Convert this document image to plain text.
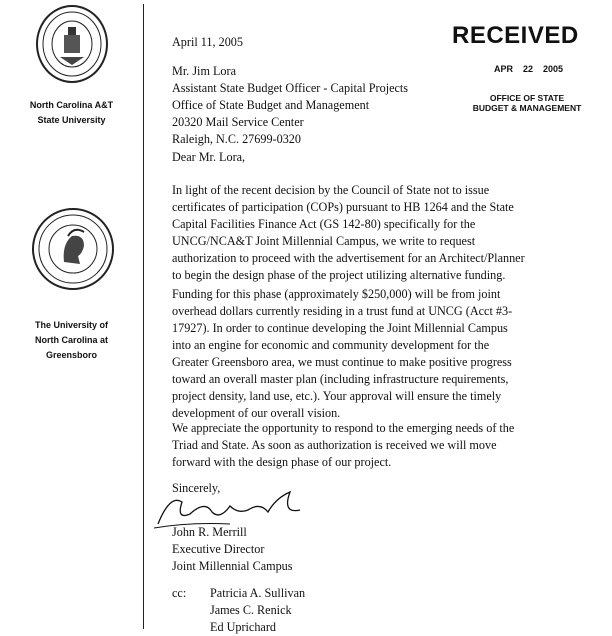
North Carolina A&T
State University
The University of
North Carolina at
Greensboro
RECEIVED
APR 22 2005
OFFICE OF STATE
BUDGET & MANAGEMENT
April 11, 2005
Mr. Jim Lora
Assistant State Budget Officer - Capital Projects
Office of State Budget and Management
20320 Mail Service Center
Raleigh, N.C. 27699-0320
Dear Mr. Lora,
In light of the recent decision by the Council of State not to issue
certificates of participation (COPs) pursuant to HB 1264 and the State
Capital Facilities Finance Act (GS 142-80) specifically for the
UNCG/NCA&T Joint Millennial Campus, we write to request
authorization to proceed with the advertisement for an Architect/Planner
to begin the design phase of the project utilizing alternative funding.
Funding for this phase (approximately $250,000) will be from joint
overhead dollars currently residing in a trust fund at UNCG (Acct #3-
17927). In order to continue developing the Joint Millennial Campus
into an engine for economic and community development for the
Greater Greensboro area, we must continue to make positive progress
toward an overall master plan (including infrastructure requirements,
project density, land use, etc.). Your approval will ensure the timely
development of our overall vision.
We appreciate the opportunity to respond to the emerging needs of the
Triad and State. As soon as authorization is received we will move
forward with the design phase of our project.
Sincerely,
John R. Merrill
Executive Director
Joint Millennial Campus
cc: Patricia A. Sullivan
James C. Renick
Ed Uprichard
